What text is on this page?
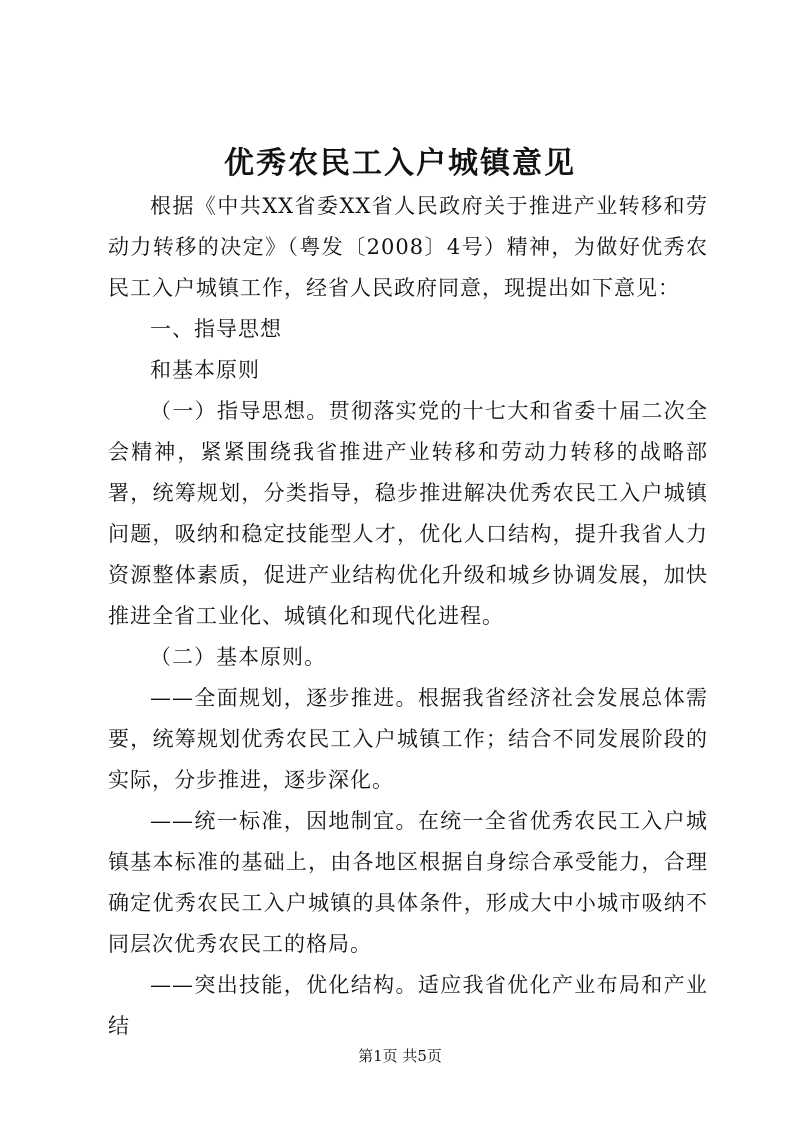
优秀农民工入户城镇意见

根据《中共XX省委XX省人民政府关于推进产业转移和劳动力转移的决定》（粤发〔2008〕4号）精神，为做好优秀农民工入户城镇工作，经省人民政府同意，现提出如下意见：

一、指导思想

和基本原则

（一）指导思想。贯彻落实党的十七大和省委十届二次全会精神，紧紧围绕我省推进产业转移和劳动力转移的战略部署，统筹规划，分类指导，稳步推进解决优秀农民工入户城镇问题，吸纳和稳定技能型人才，优化人口结构，提升我省人力资源整体素质，促进产业结构优化升级和城乡协调发展，加快推进全省工业化、城镇化和现代化进程。

（二）基本原则。

——全面规划，逐步推进。根据我省经济社会发展总体需要，统筹规划优秀农民工入户城镇工作；结合不同发展阶段的实际，分步推进，逐步深化。

——统一标准，因地制宜。在统一全省优秀农民工入户城镇基本标准的基础上，由各地区根据自身综合承受能力，合理确定优秀农民工入户城镇的具体条件，形成大中小城市吸纳不同层次优秀农民工的格局。

——突出技能，优化结构。适应我省优化产业布局和产业结

第1页 共5页
